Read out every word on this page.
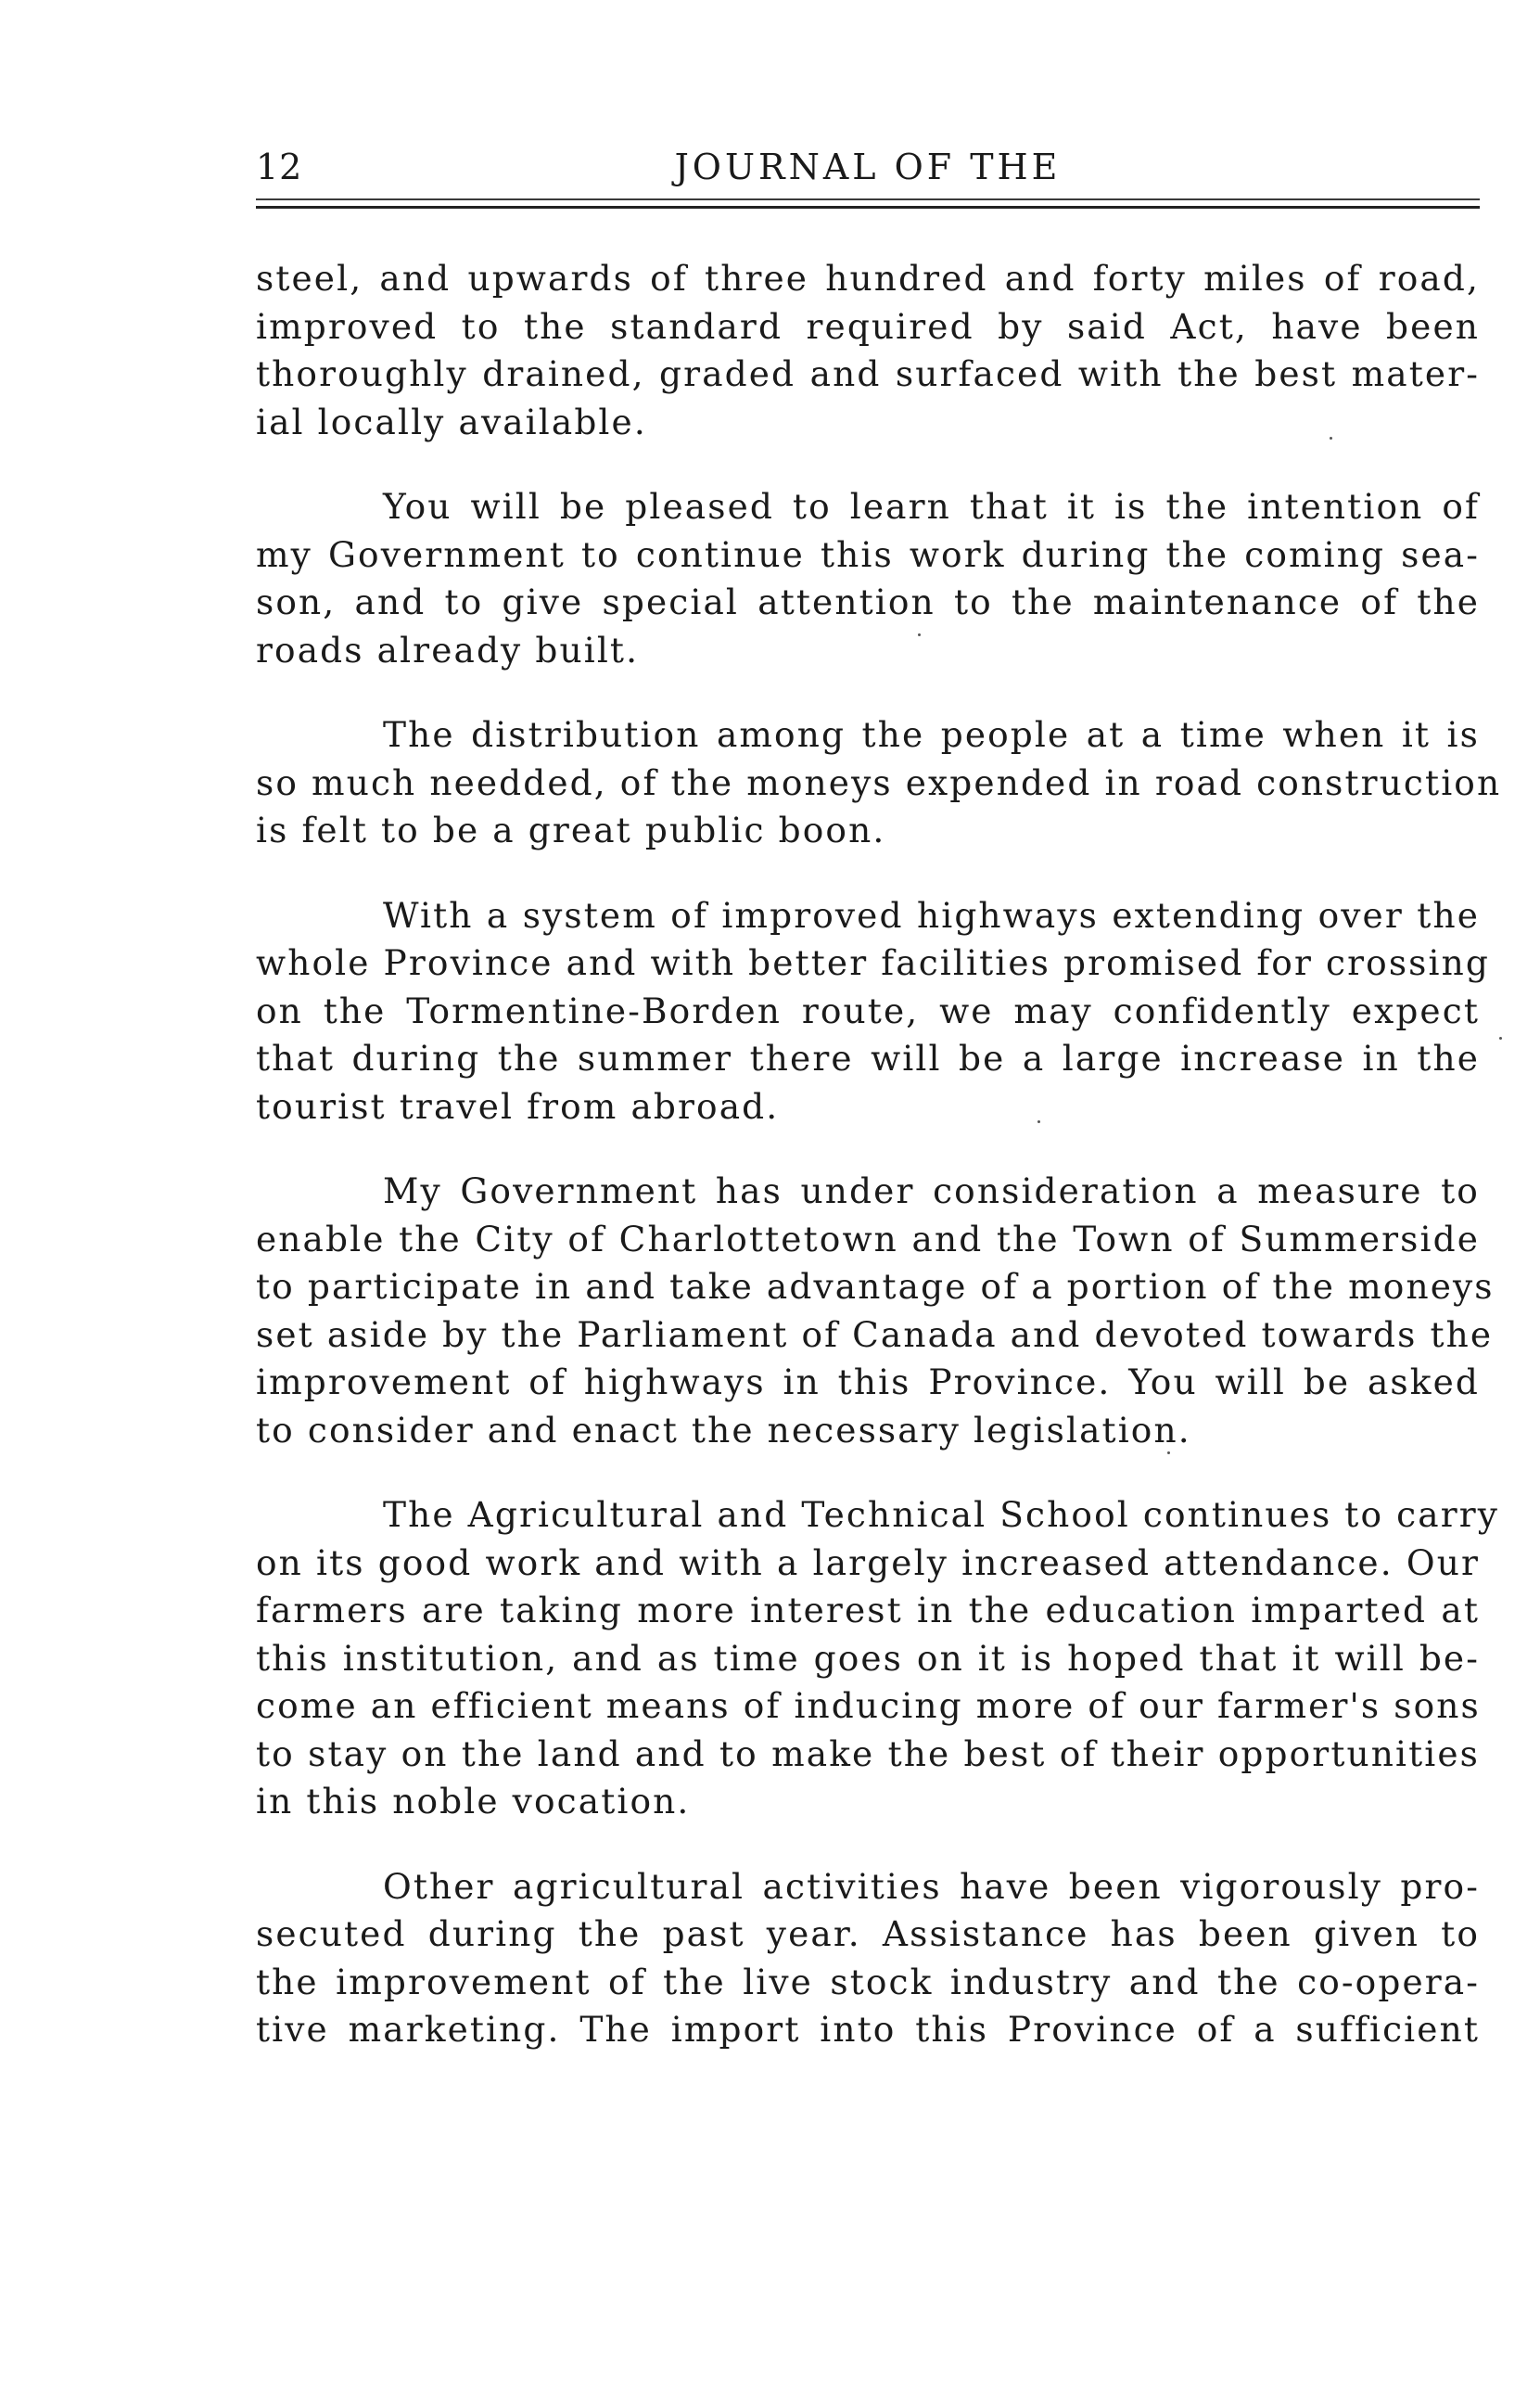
12	JOURNAL OF THE

steel, and upwards of three hundred and forty miles of road,
improved to the standard required by said Act, have been
thoroughly drained, graded and surfaced with the best mater-
ial locally available.

You will be pleased to learn that it is the intention of
my Government to continue this work during the coming sea-
son, and to give special attention to the maintenance of the
roads already built.

The distribution among the people at a time when it is
so much needded, of the moneys expended in road construction
is felt to be a great public boon.

With a system of improved highways extending over the
whole Province and with better facilities promised for crossing
on the Tormentine-Borden route, we may confidently expect
that during the summer there will be a large increase in the
tourist travel from abroad.

My Government has under consideration a measure to
enable the City of Charlottetown and the Town of Summerside
to participate in and take advantage of a portion of the moneys
set aside by the Parliament of Canada and devoted towards the
improvement of highways in this Province. You will be asked
to consider and enact the necessary legislation.

The Agricultural and Technical School continues to carry
on its good work and with a largely increased attendance. Our
farmers are taking more interest in the education imparted at
this institution, and as time goes on it is hoped that it will be-
come an efficient means of inducing more of our farmer's sons
to stay on the land and to make the best of their opportunities
in this noble vocation.

Other agricultural activities have been vigorously pro-
secuted during the past year. Assistance has been given to
the improvement of the live stock industry and the co-opera-
tive marketing. The import into this Province of a sufficient
